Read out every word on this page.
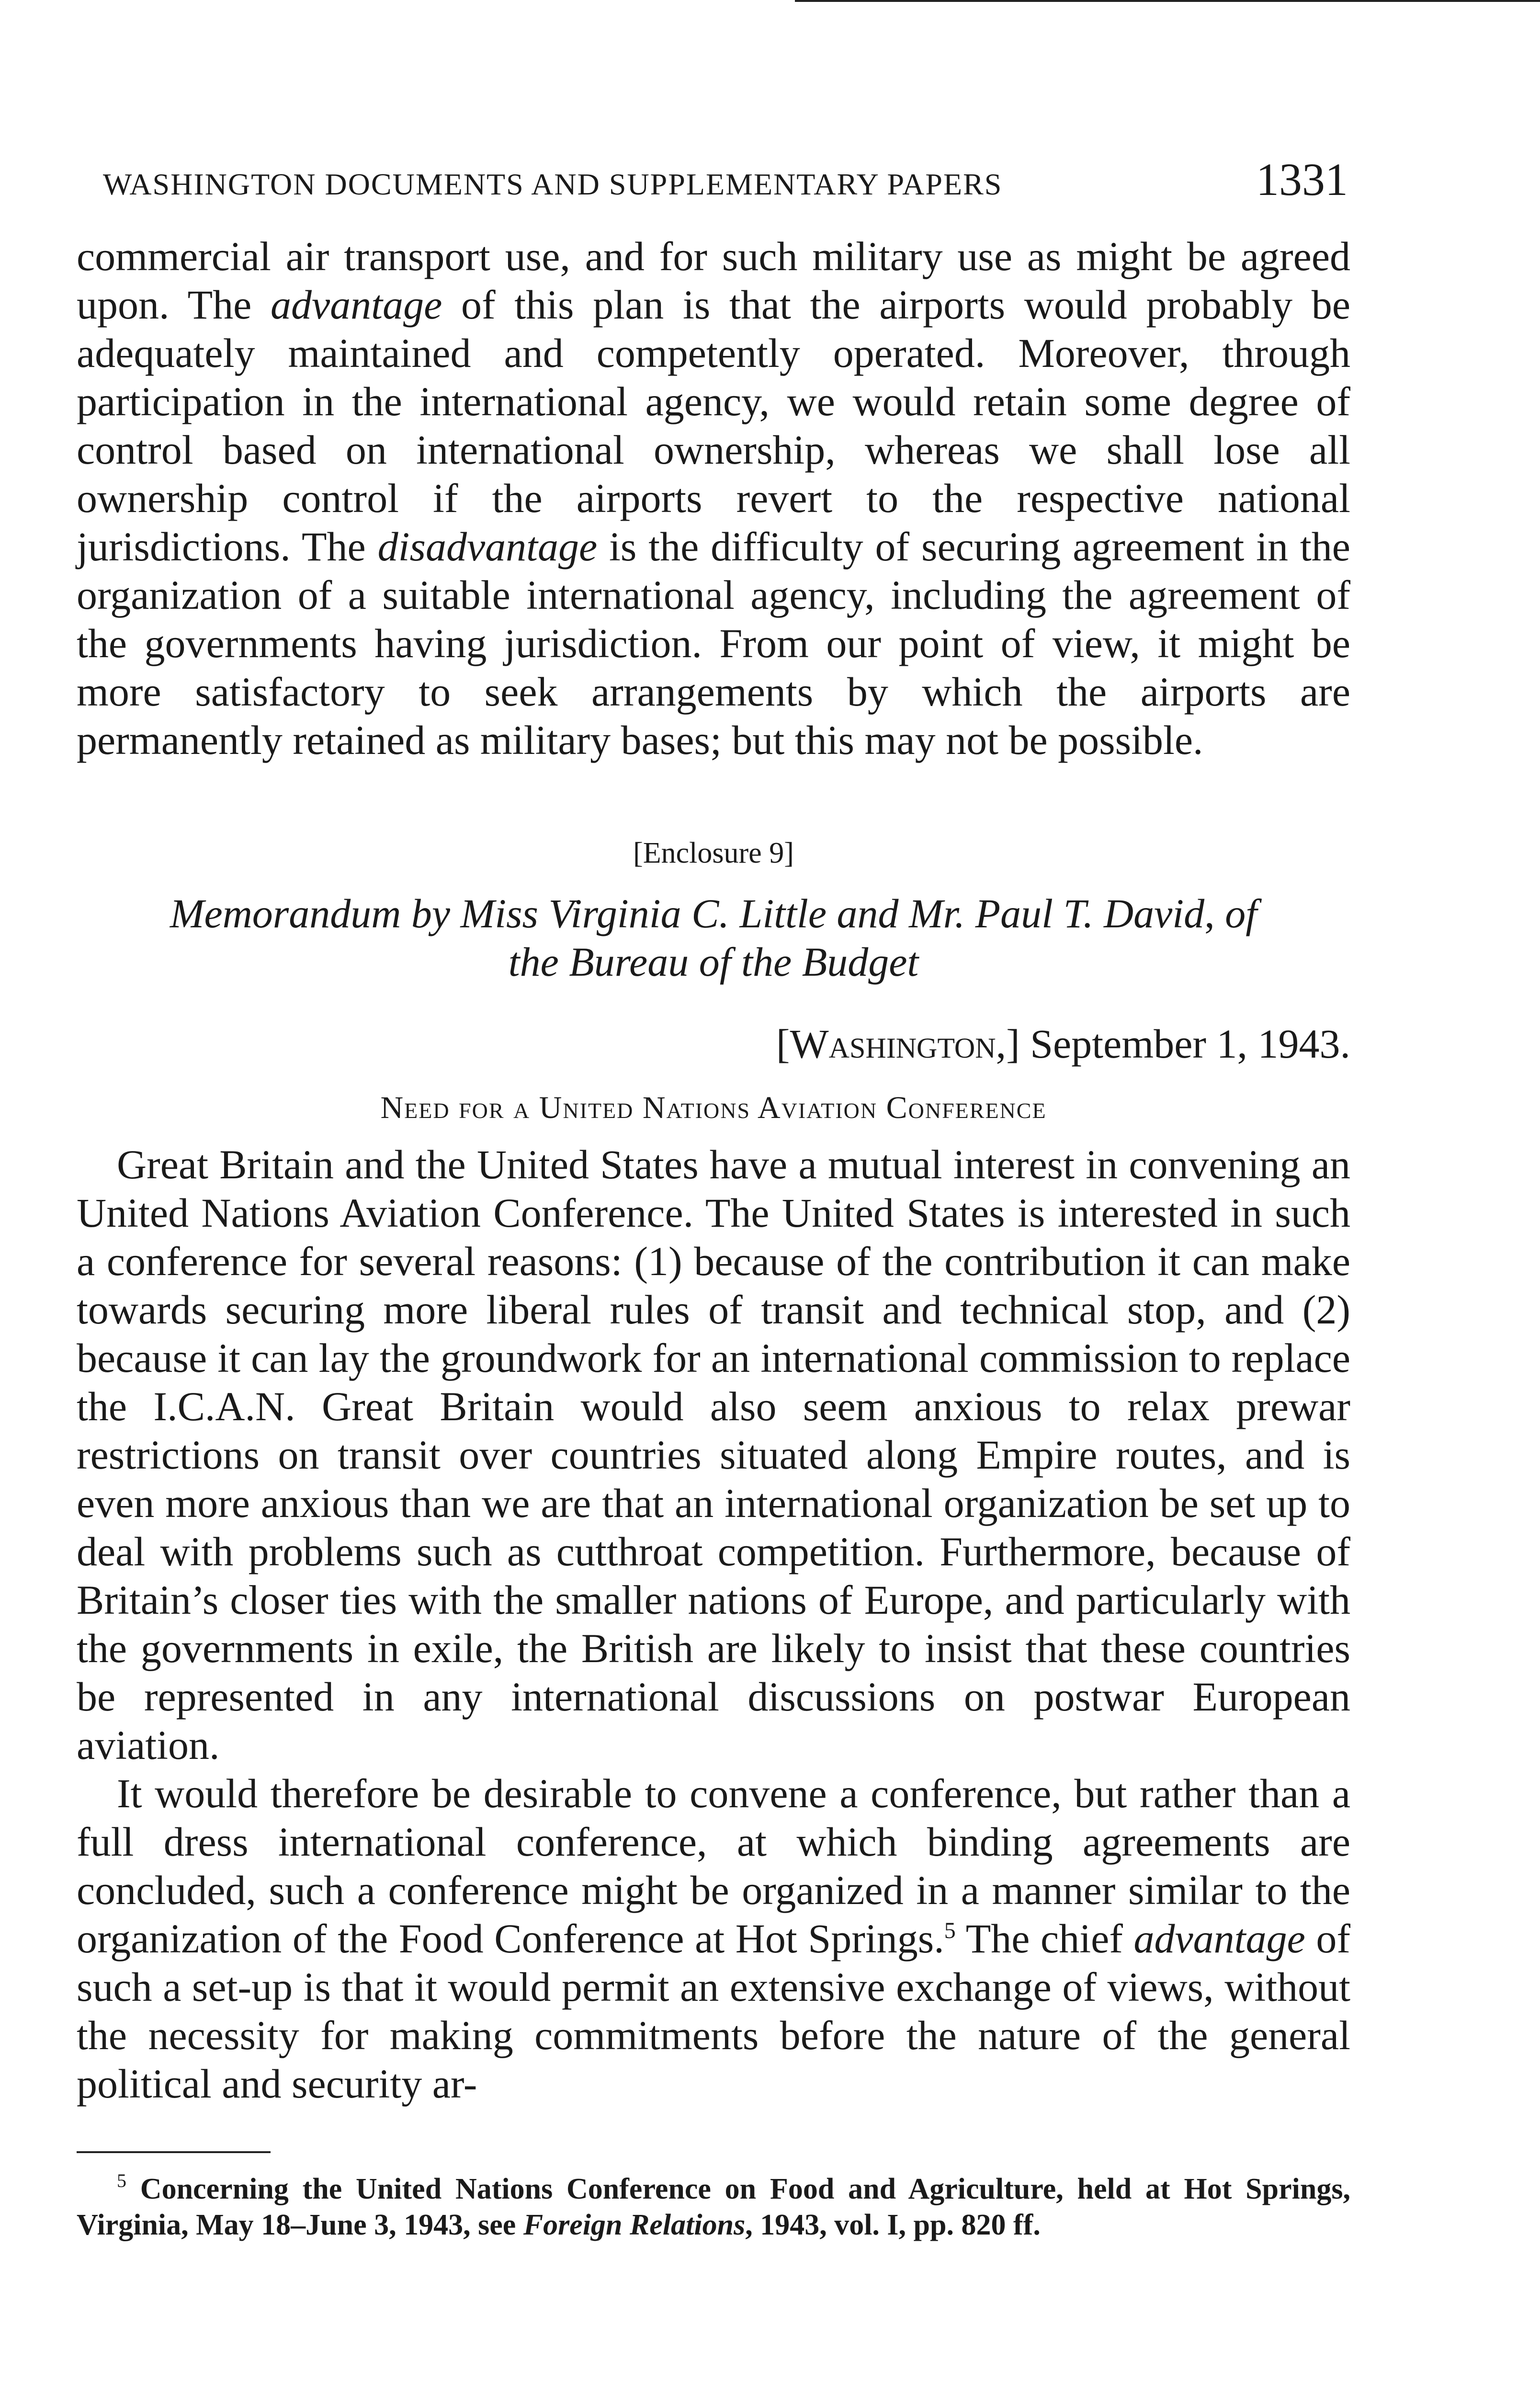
WASHINGTON DOCUMENTS AND SUPPLEMENTARY PAPERS	1331

commercial air transport use, and for such military use as might be agreed upon. The advantage of this plan is that the airports would probably be adequately maintained and competently operated. Moreover, through participation in the international agency, we would retain some degree of control based on international ownership, whereas we shall lose all ownership control if the airports revert to the respective national jurisdictions. The disadvantage is the difficulty of securing agreement in the organization of a suitable international agency, including the agreement of the governments having jurisdiction. From our point of view, it might be more satisfactory to seek arrangements by which the airports are permanently retained as military bases; but this may not be possible.

[Enclosure 9]
Memorandum by Miss Virginia C. Little and Mr. Paul T. David, of
the Bureau of the Budget
[Washington,] September 1, 1943.
Need for a United Nations Aviation Conference

Great Britain and the United States have a mutual interest in convening an United Nations Aviation Conference. The United States is interested in such a conference for several reasons: (1) because of the contribution it can make towards securing more liberal rules of transit and technical stop, and (2) because it can lay the groundwork for an international commission to replace the I.C.A.N. Great Britain would also seem anxious to relax prewar restrictions on transit over countries situated along Empire routes, and is even more anxious than we are that an international organization be set up to deal with problems such as cutthroat competition. Furthermore, because of Britain’s closer ties with the smaller nations of Europe, and particularly with the governments in exile, the British are likely to insist that these countries be represented in any international discussions on postwar European aviation.

It would therefore be desirable to convene a conference, but rather than a full dress international conference, at which binding agreements are concluded, such a conference might be organized in a manner similar to the organization of the Food Conference at Hot Springs.$^5$ The chief advantage of such a set-up is that it would permit an extensive exchange of views, without the necessity for making commitments before the nature of the general political and security ar-

$^5$ Concerning the United Nations Conference on Food and Agriculture, held at Hot Springs, Virginia, May 18–June 3, 1943, see Foreign Relations, 1943, vol. I, pp. 820 ff.
